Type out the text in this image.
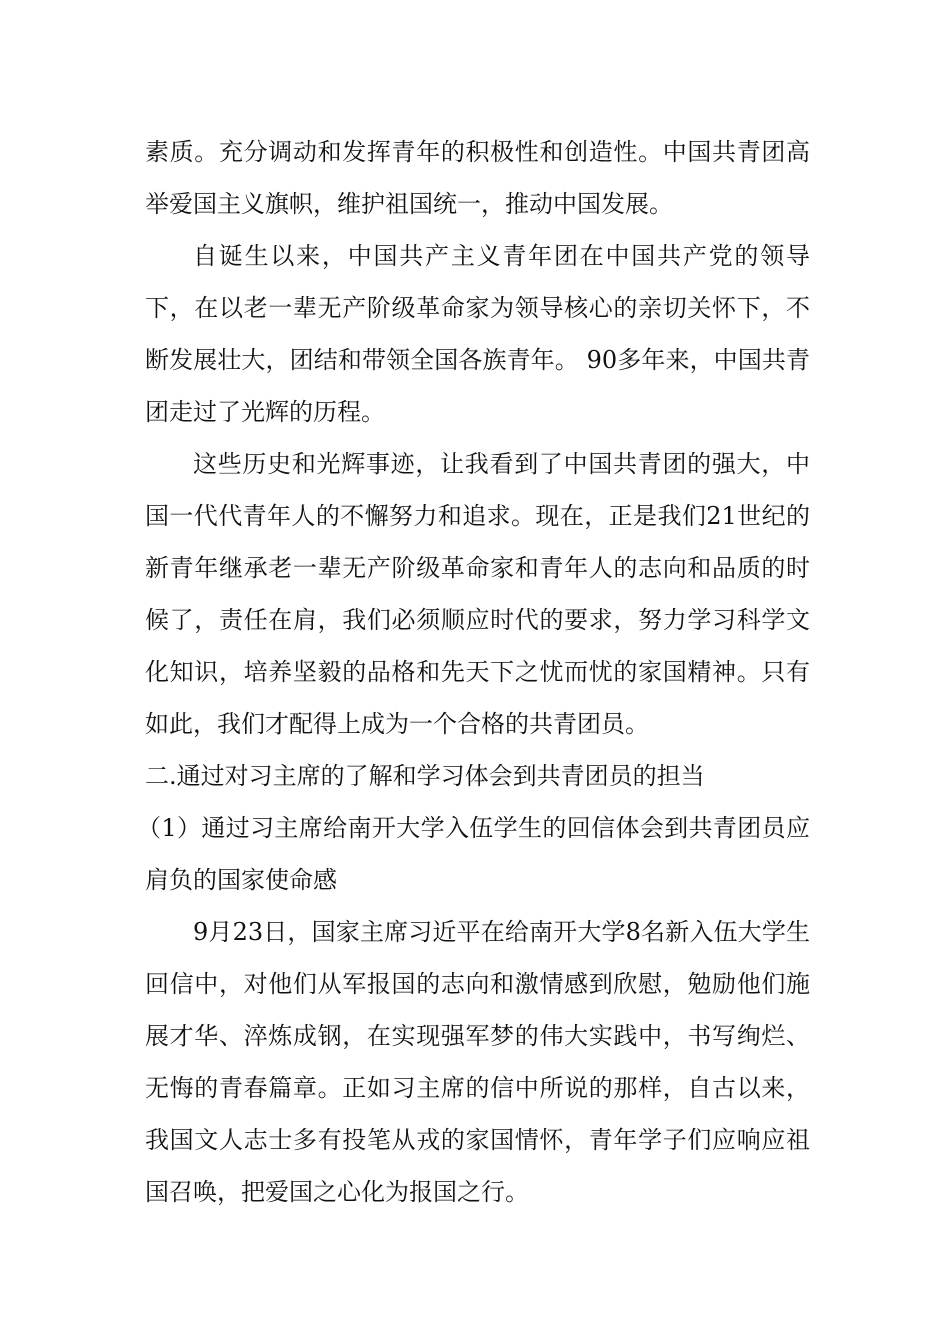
素质。充分调动和发挥青年的积极性和创造性。中国共青团高举爱国主义旗帜，维护祖国统一，推动中国发展。

自诞生以来，中国共产主义青年团在中国共产党的领导下，在以老一辈无产阶级革命家为领导核心的亲切关怀下，不断发展壮大，团结和带领全国各族青年。 90多年来，中国共青团走过了光辉的历程。

这些历史和光辉事迹，让我看到了中国共青团的强大，中国一代代青年人的不懈努力和追求。现在，正是我们21世纪的新青年继承老一辈无产阶级革命家和青年人的志向和品质的时候了，责任在肩，我们必须顺应时代的要求，努力学习科学文化知识，培养坚毅的品格和先天下之忧而忧的家国精神。只有如此，我们才配得上成为一个合格的共青团员。

二.通过对习主席的了解和学习体会到共青团员的担当

（1）通过习主席给南开大学入伍学生的回信体会到共青团员应肩负的国家使命感

9月23日，国家主席习近平在给南开大学8名新入伍大学生回信中，对他们从军报国的志向和激情感到欣慰，勉励他们施展才华、淬炼成钢，在实现强军梦的伟大实践中，书写绚烂、无悔的青春篇章。正如习主席的信中所说的那样，自古以来，我国文人志士多有投笔从戎的家国情怀，青年学子们应响应祖国召唤，把爱国之心化为报国之行。
